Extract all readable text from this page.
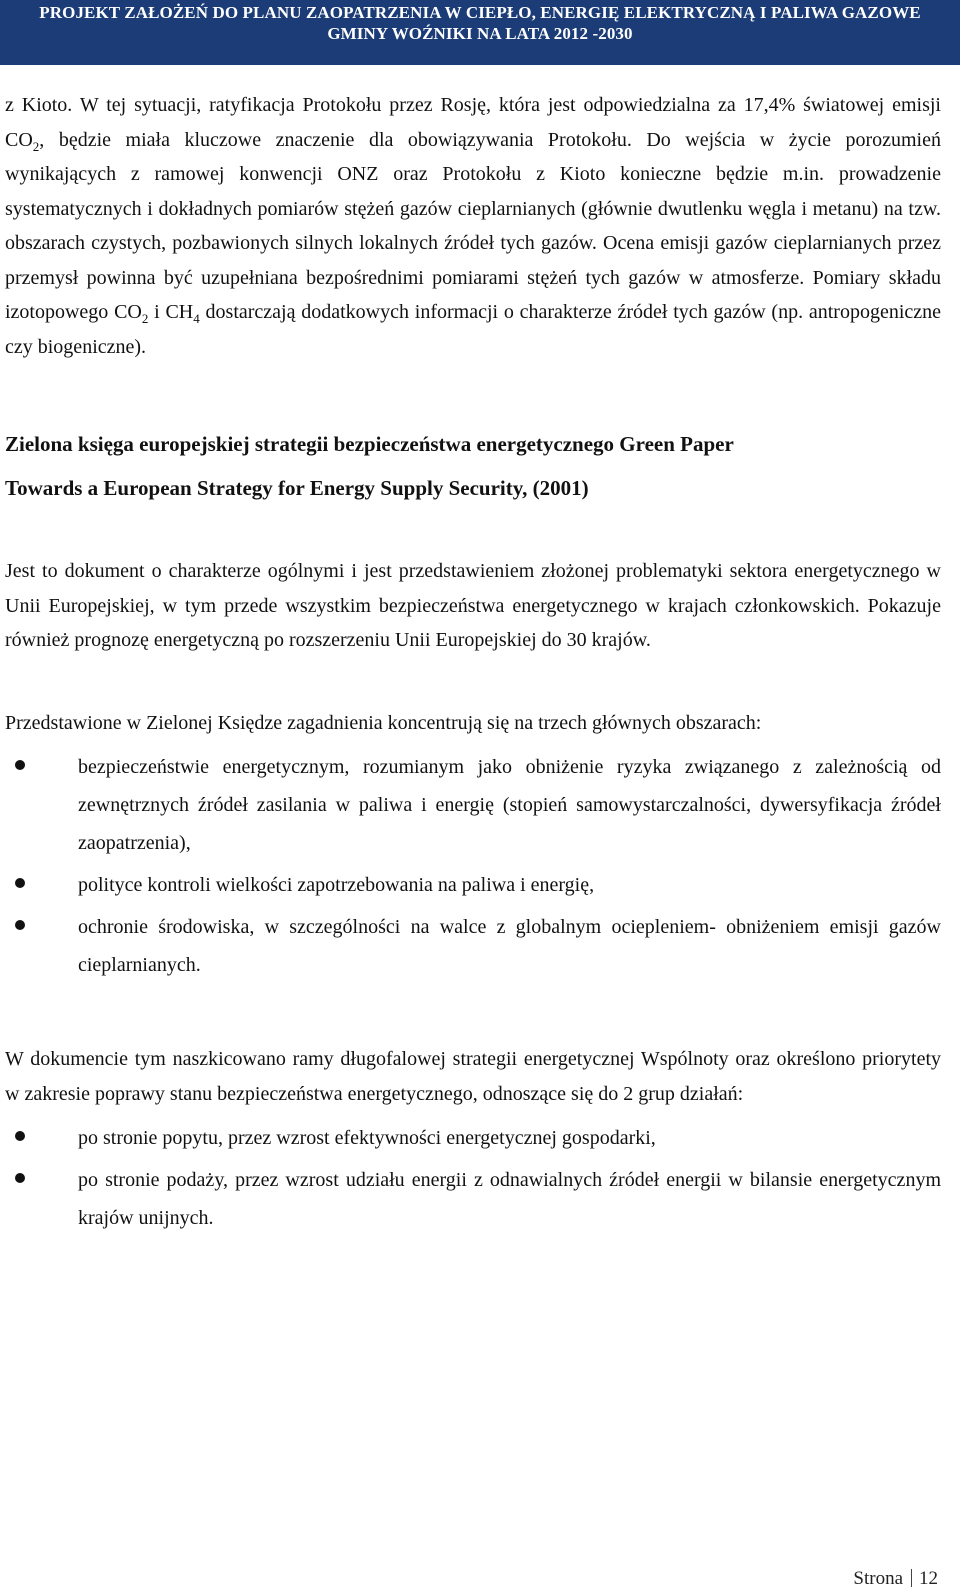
PROJEKT ZAŁOŻEŃ DO PLANU ZAOPATRZENIA W CIEPŁO, ENERGIĘ ELEKTRYCZNĄ I PALIWA GAZOWE
GMINY WOŹNIKI NA LATA 2012 -2030

z Kioto. W tej sytuacji, ratyfikacja Protokołu przez Rosję, która jest odpowiedzialna za 17,4% światowej emisji $CO_2$, będzie miała kluczowe znaczenie dla obowiązywania Protokołu. Do wejścia w życie porozumień wynikających z ramowej konwencji ONZ oraz Protokołu z Kioto konieczne będzie m.in. prowadzenie systematycznych i dokładnych pomiarów stężeń gazów cieplarnianych (głównie dwutlenku węgla i metanu) na tzw. obszarach czystych, pozbawionych silnych lokalnych źródeł tych gazów. Ocena emisji gazów cieplarnianych przez przemysł powinna być uzupełniana bezpośrednimi pomiarami stężeń tych gazów w atmosferze. Pomiary składu izotopowego $CO_2$ i $CH_4$ dostarczają dodatkowych informacji o charakterze źródeł tych gazów (np. antropogeniczne czy biogeniczne).

Zielona księga europejskiej strategii bezpieczeństwa energetycznego Green Paper
Towards a European Strategy for Energy Supply Security, (2001)

Jest to dokument o charakterze ogólnymi i jest przedstawieniem złożonej problematyki sektora energetycznego w Unii Europejskiej, w tym przede wszystkim bezpieczeństwa energetycznego w krajach członkowskich. Pokazuje również prognozę energetyczną po rozszerzeniu Unii Europejskiej do 30 krajów.

Przedstawione w Zielonej Księdze zagadnienia koncentrują się na trzech głównych obszarach:

bezpieczeństwie energetycznym, rozumianym jako obniżenie ryzyka związanego z zależnością od zewnętrznych źródeł zasilania w paliwa i energię (stopień samowystarczalności, dywersyfikacja źródeł zaopatrzenia),
polityce kontroli wielkości zapotrzebowania na paliwa i energię,
ochronie środowiska, w szczególności na walce z globalnym ociepleniem- obniżeniem emisji gazów cieplarnianych.

W dokumencie tym naszkicowano ramy długofalowej strategii energetycznej Wspólnoty oraz określono priorytety w zakresie poprawy stanu bezpieczeństwa energetycznego, odnoszące się do 2 grup działań:

po stronie popytu, przez wzrost efektywności energetycznej gospodarki,
po stronie podaży, przez wzrost udziału energii z odnawialnych źródeł energii w bilansie energetycznym krajów unijnych.
Strona 12
